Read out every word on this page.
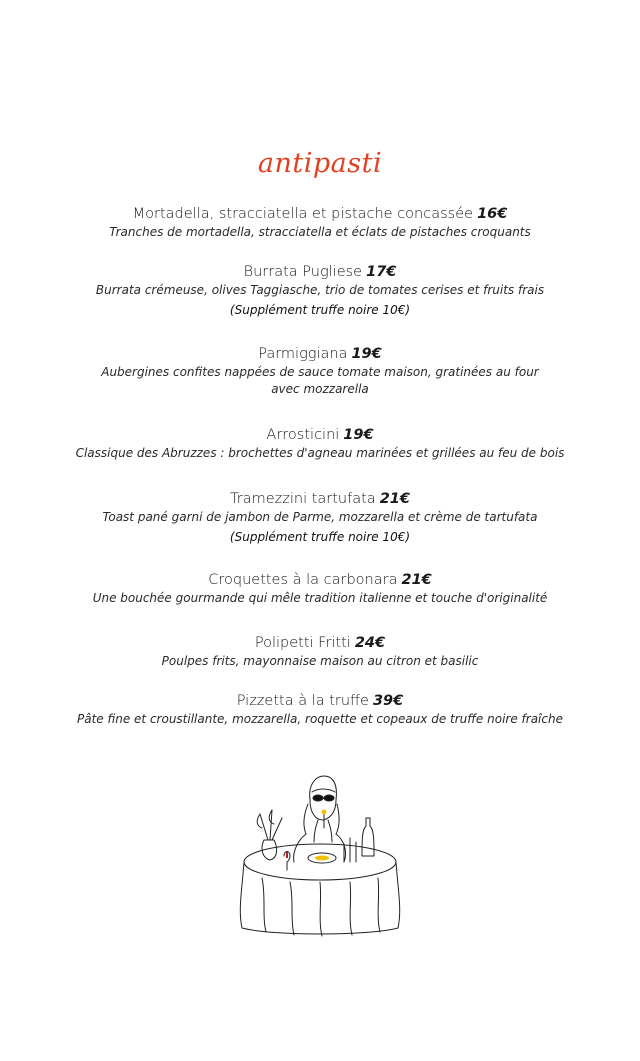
antipasti
Mortadella, stracciatella et pistache concassée 16€
Tranches de mortadella, stracciatella et éclats de pistaches croquants
Burrata Pugliese 17€
Burrata crémeuse, olives Taggiasche, trio de tomates cerises et fruits frais
(Supplément truffe noire 10€)
Parmiggiana 19€
Aubergines confites nappées de sauce tomate maison, gratinées au four avec mozzarella
Arrosticini 19€
Classique des Abruzzes : brochettes d'agneau marinées et grillées au feu de bois
Tramezzini tartufata 21€
Toast pané garni de jambon de Parme, mozzarella et crème de tartufata
(Supplément truffe noire 10€)
Croquettes à la carbonara 21€
Une bouchée gourmande qui mêle tradition italienne et touche d'originalité
Polipetti Fritti 24€
Poulpes frits, mayonnaise maison au citron et basilic
Pizzetta à la truffe 39€
Pâte fine et croustillante, mozzarella, roquette et copeaux de truffe noire fraîche
